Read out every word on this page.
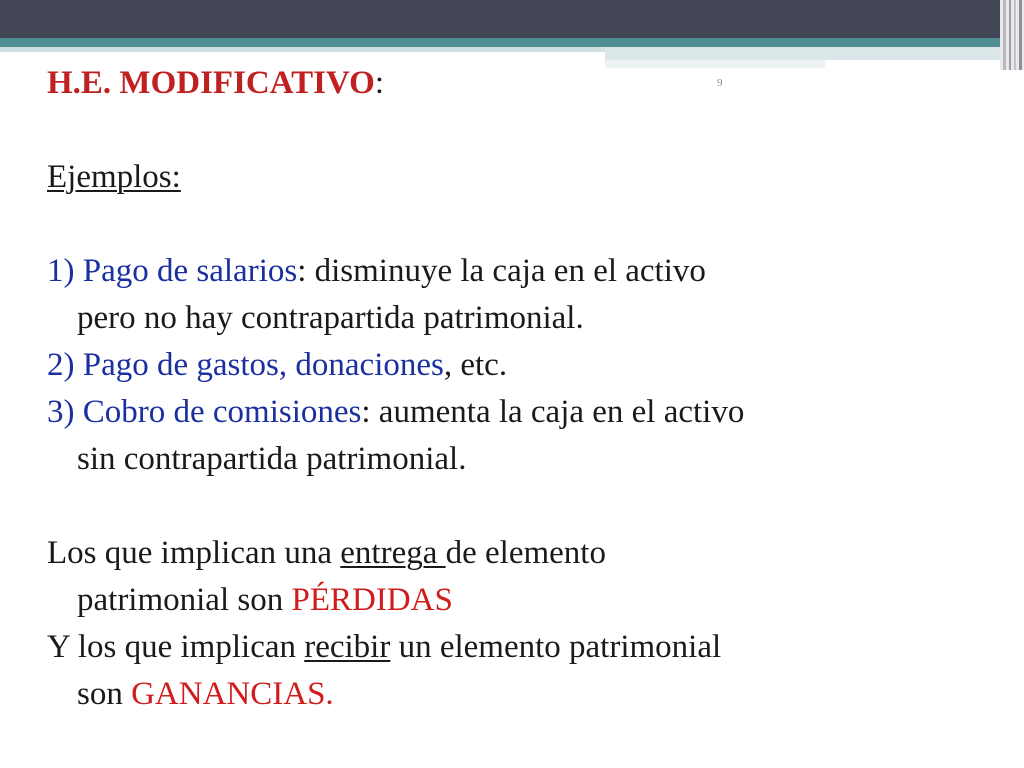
9

H.E. MODIFICATIVO:

Ejemplos:

1) Pago de salarios: disminuye la caja en el activo

pero no hay contrapartida patrimonial.

2) Pago de gastos, donaciones, etc.

3) Cobro de comisiones: aumenta la caja en el activo

sin contrapartida patrimonial.

Los que implican una entrega de elemento

patrimonial son PÉRDIDAS

Y los que implican recibir un elemento patrimonial

son GANANCIAS.
